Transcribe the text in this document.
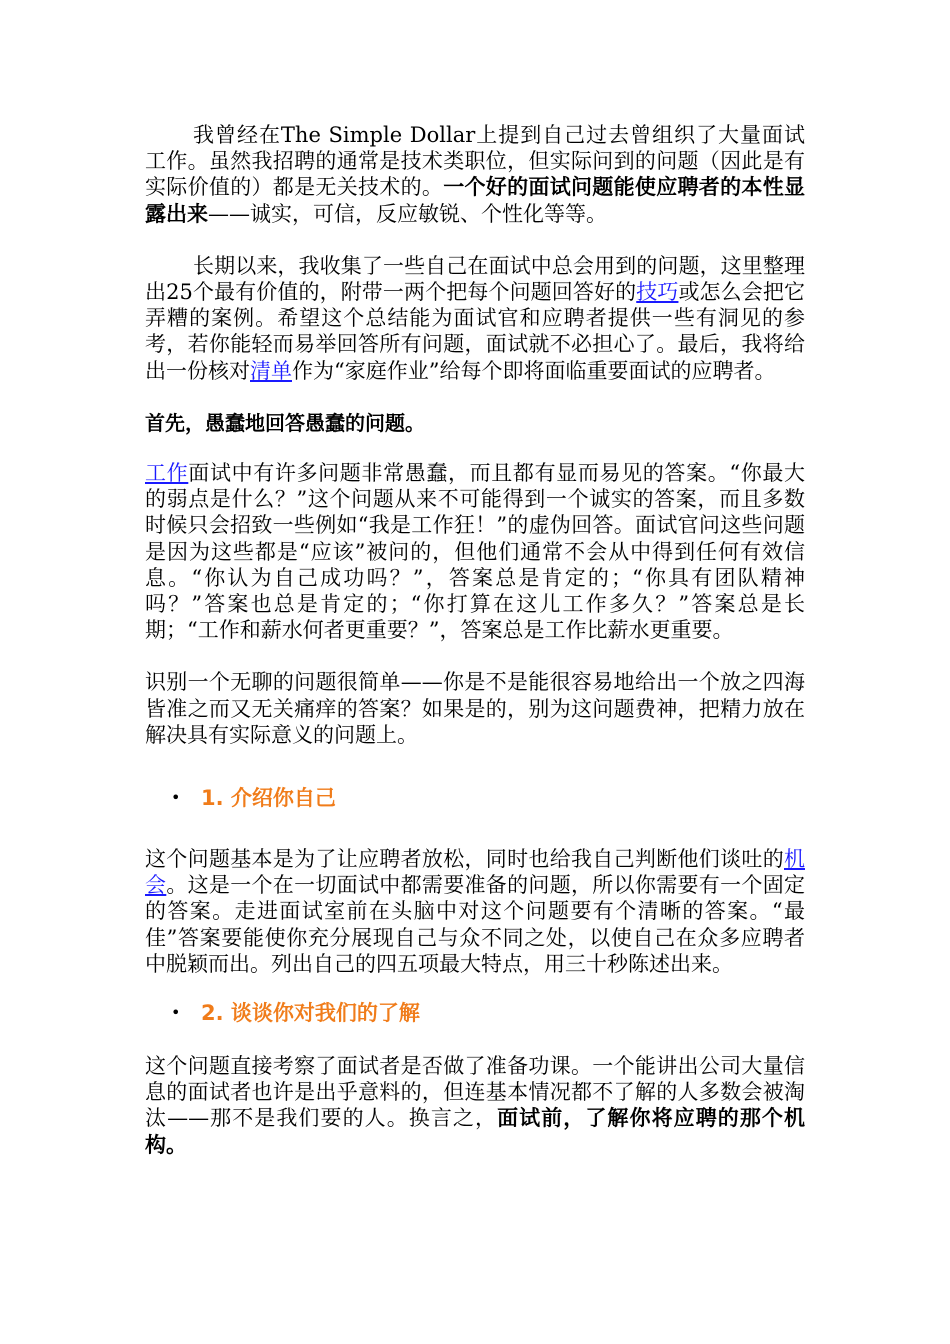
我曾经在The Simple Dollar上提到自己过去曾组织了大量面试工作。虽然我招聘的通常是技术类职位，但实际问到的问题（因此是有实际价值的）都是无关技术的。一个好的面试问题能使应聘者的本性显露出来——诚实，可信，反应敏锐、个性化等等。

长期以来，我收集了一些自己在面试中总会用到的问题，这里整理出25个最有价值的，附带一两个把每个问题回答好的技巧或怎么会把它弄糟的案例。希望这个总结能为面试官和应聘者提供一些有洞见的参考，若你能轻而易举回答所有问题，面试就不必担心了。最后，我将给出一份核对清单作为“家庭作业”给每个即将面临重要面试的应聘者。

首先，愚蠢地回答愚蠢的问题。

工作面试中有许多问题非常愚蠢，而且都有显而易见的答案。“你最大的弱点是什么？”这个问题从来不可能得到一个诚实的答案，而且多数时候只会招致一些例如“我是工作狂！”的虚伪回答。面试官问这些问题是因为这些都是“应该”被问的，但他们通常不会从中得到任何有效信息。“你认为自己成功吗？”，答案总是肯定的；“你具有团队精神吗？”答案也总是肯定的；“你打算在这儿工作多久？”答案总是长期；“工作和薪水何者更重要？”，答案总是工作比薪水更重要。

识别一个无聊的问题很简单——你是不是能很容易地给出一个放之四海皆准之而又无关痛痒的答案？如果是的，别为这问题费神，把精力放在解决具有实际意义的问题上。

• 1. 介绍你自己

这个问题基本是为了让应聘者放松，同时也给我自己判断他们谈吐的机会。这是一个在一切面试中都需要准备的问题，所以你需要有一个固定的答案。走进面试室前在头脑中对这个问题要有个清晰的答案。“最佳”答案要能使你充分展现自己与众不同之处，以使自己在众多应聘者中脱颖而出。列出自己的四五项最大特点，用三十秒陈述出来。

• 2. 谈谈你对我们的了解

这个问题直接考察了面试者是否做了准备功课。一个能讲出公司大量信息的面试者也许是出乎意料的，但连基本情况都不了解的人多数会被淘汰——那不是我们要的人。换言之，面试前，了解你将应聘的那个机构。
